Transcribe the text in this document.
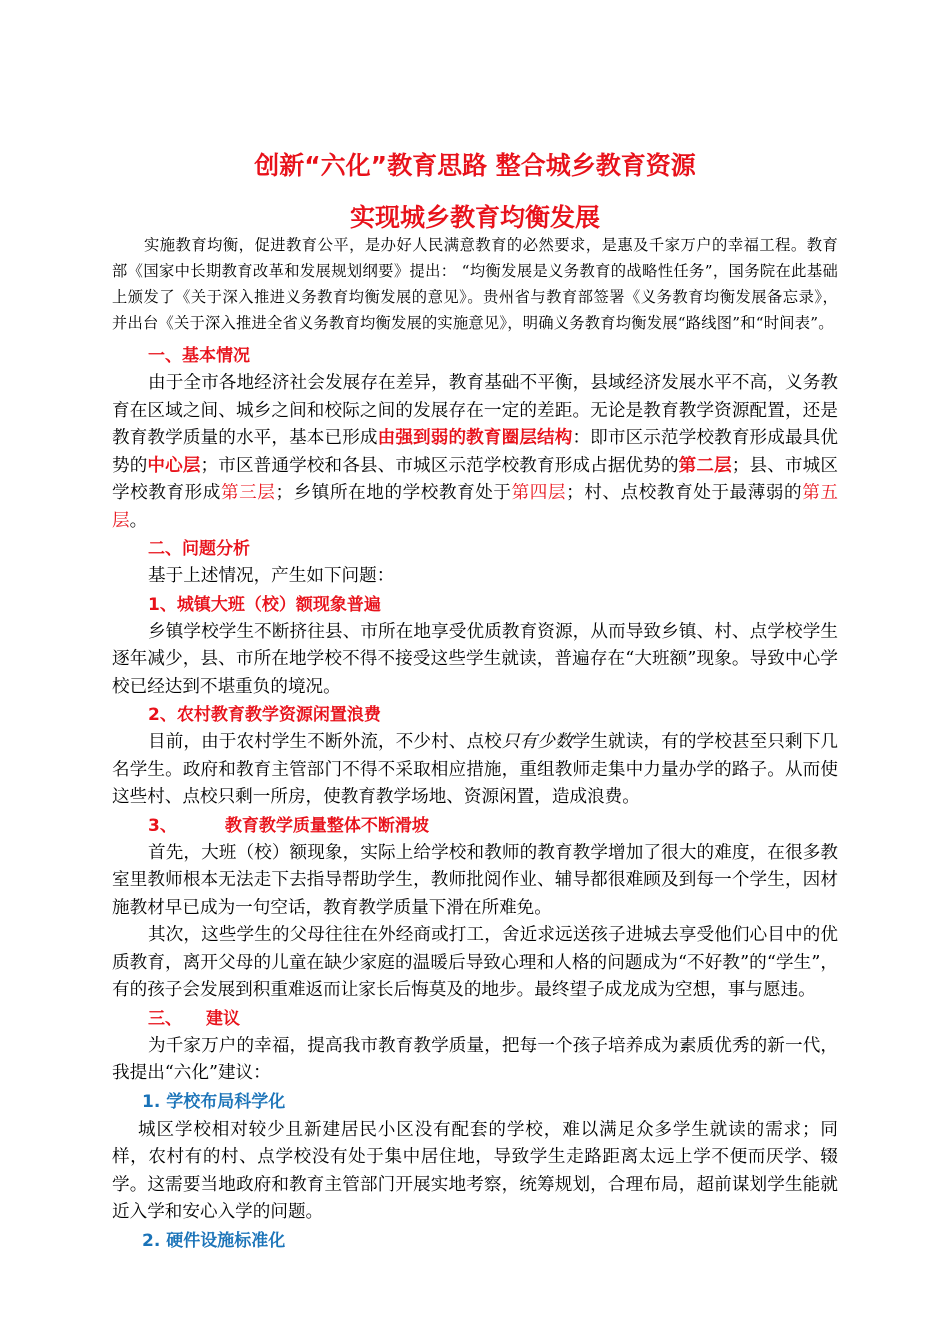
创新“六化”教育思路 整合城乡教育资源
实现城乡教育均衡发展

实施教育均衡，促进教育公平，是办好人民满意教育的必然要求，是惠及千家万户的幸福工程。教育部《国家中长期教育改革和发展规划纲要》提出： “均衡发展是义务教育的战略性任务”，国务院在此基础上颁发了《关于深入推进义务教育均衡发展的意见》。贵州省与教育部签署《义务教育均衡发展备忘录》，并出台《关于深入推进全省义务教育均衡发展的实施意见》，明确义务教育均衡发展“路线图”和“时间表”。

一、基本情况

由于全市各地经济社会发展存在差异，教育基础不平衡，县域经济发展水平不高，义务教育在区域之间、城乡之间和校际之间的发展存在一定的差距。无论是教育教学资源配置，还是教育教学质量的水平，基本已形成由强到弱的教育圈层结构：即市区示范学校教育形成最具优势的中心层；市区普通学校和各县、市城区示范学校教育形成占据优势的第二层；县、市城区学校教育形成第三层；乡镇所在地的学校教育处于第四层；村、点校教育处于最薄弱的第五层。

二、问题分析

基于上述情况，产生如下问题：

1、城镇大班（校）额现象普遍

乡镇学校学生不断挤往县、市所在地享受优质教育资源，从而导致乡镇、村、点学校学生逐年减少，县、市所在地学校不得不接受这些学生就读，普遍存在“大班额”现象。导致中心学校已经达到不堪重负的境况。

2、农村教育教学资源闲置浪费

目前，由于农村学生不断外流，不少村、点校只有少数学生就读，有的学校甚至只剩下几名学生。政府和教育主管部门不得不采取相应措施，重组教师走集中力量办学的路子。从而使这些村、点校只剩一所房，使教育教学场地、资源闲置，造成浪费。

3、	教育教学质量整体不断滑坡

首先，大班（校）额现象，实际上给学校和教师的教育教学增加了很大的难度，在很多教室里教师根本无法走下去指导帮助学生，教师批阅作业、辅导都很难顾及到每一个学生，因材施教材早已成为一句空话，教育教学质量下滑在所难免。

其次，这些学生的父母往往在外经商或打工，舍近求远送孩子进城去享受他们心目中的优质教育，离开父母的儿童在缺少家庭的温暖后导致心理和人格的问题成为“不好教”的“学生”，有的孩子会发展到积重难返而让家长后悔莫及的地步。最终望子成龙成为空想，事与愿违。

三、 建议

为千家万户的幸福，提高我市教育教学质量，把每一个孩子培养成为素质优秀的新一代，我提出“六化”建议：

1. 学校布局科学化

城区学校相对较少且新建居民小区没有配套的学校，难以满足众多学生就读的需求；同样，农村有的村、点学校没有处于集中居住地，导致学生走路距离太远上学不便而厌学、辍学。这需要当地政府和教育主管部门开展实地考察，统筹规划，合理布局，超前谋划学生能就近入学和安心入学的问题。

2. 硬件设施标准化
